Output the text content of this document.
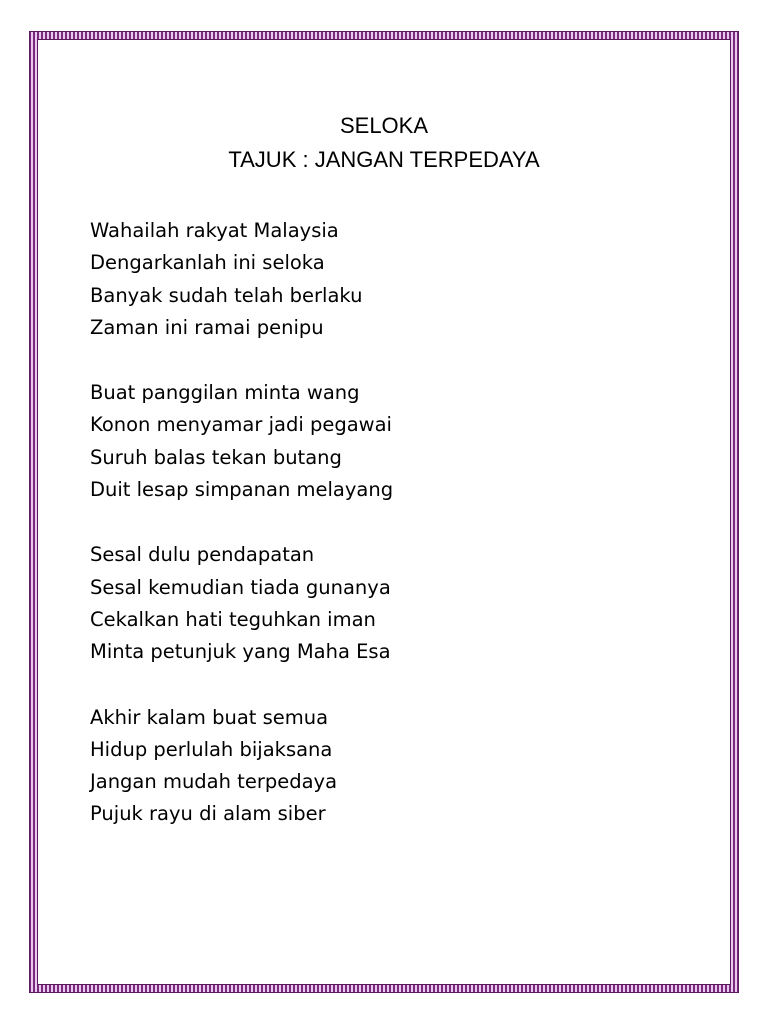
SELOKA
TAJUK : JANGAN TERPEDAYA
Wahailah rakyat Malaysia
Dengarkanlah ini seloka
Banyak sudah telah berlaku
Zaman ini ramai penipu
Buat panggilan minta wang
Konon menyamar jadi pegawai
Suruh balas tekan butang
Duit lesap simpanan melayang
Sesal dulu pendapatan
Sesal kemudian tiada gunanya
Cekalkan hati teguhkan iman
Minta petunjuk yang Maha Esa
Akhir kalam buat semua
Hidup perlulah bijaksana
Jangan mudah terpedaya
Pujuk rayu di alam siber
